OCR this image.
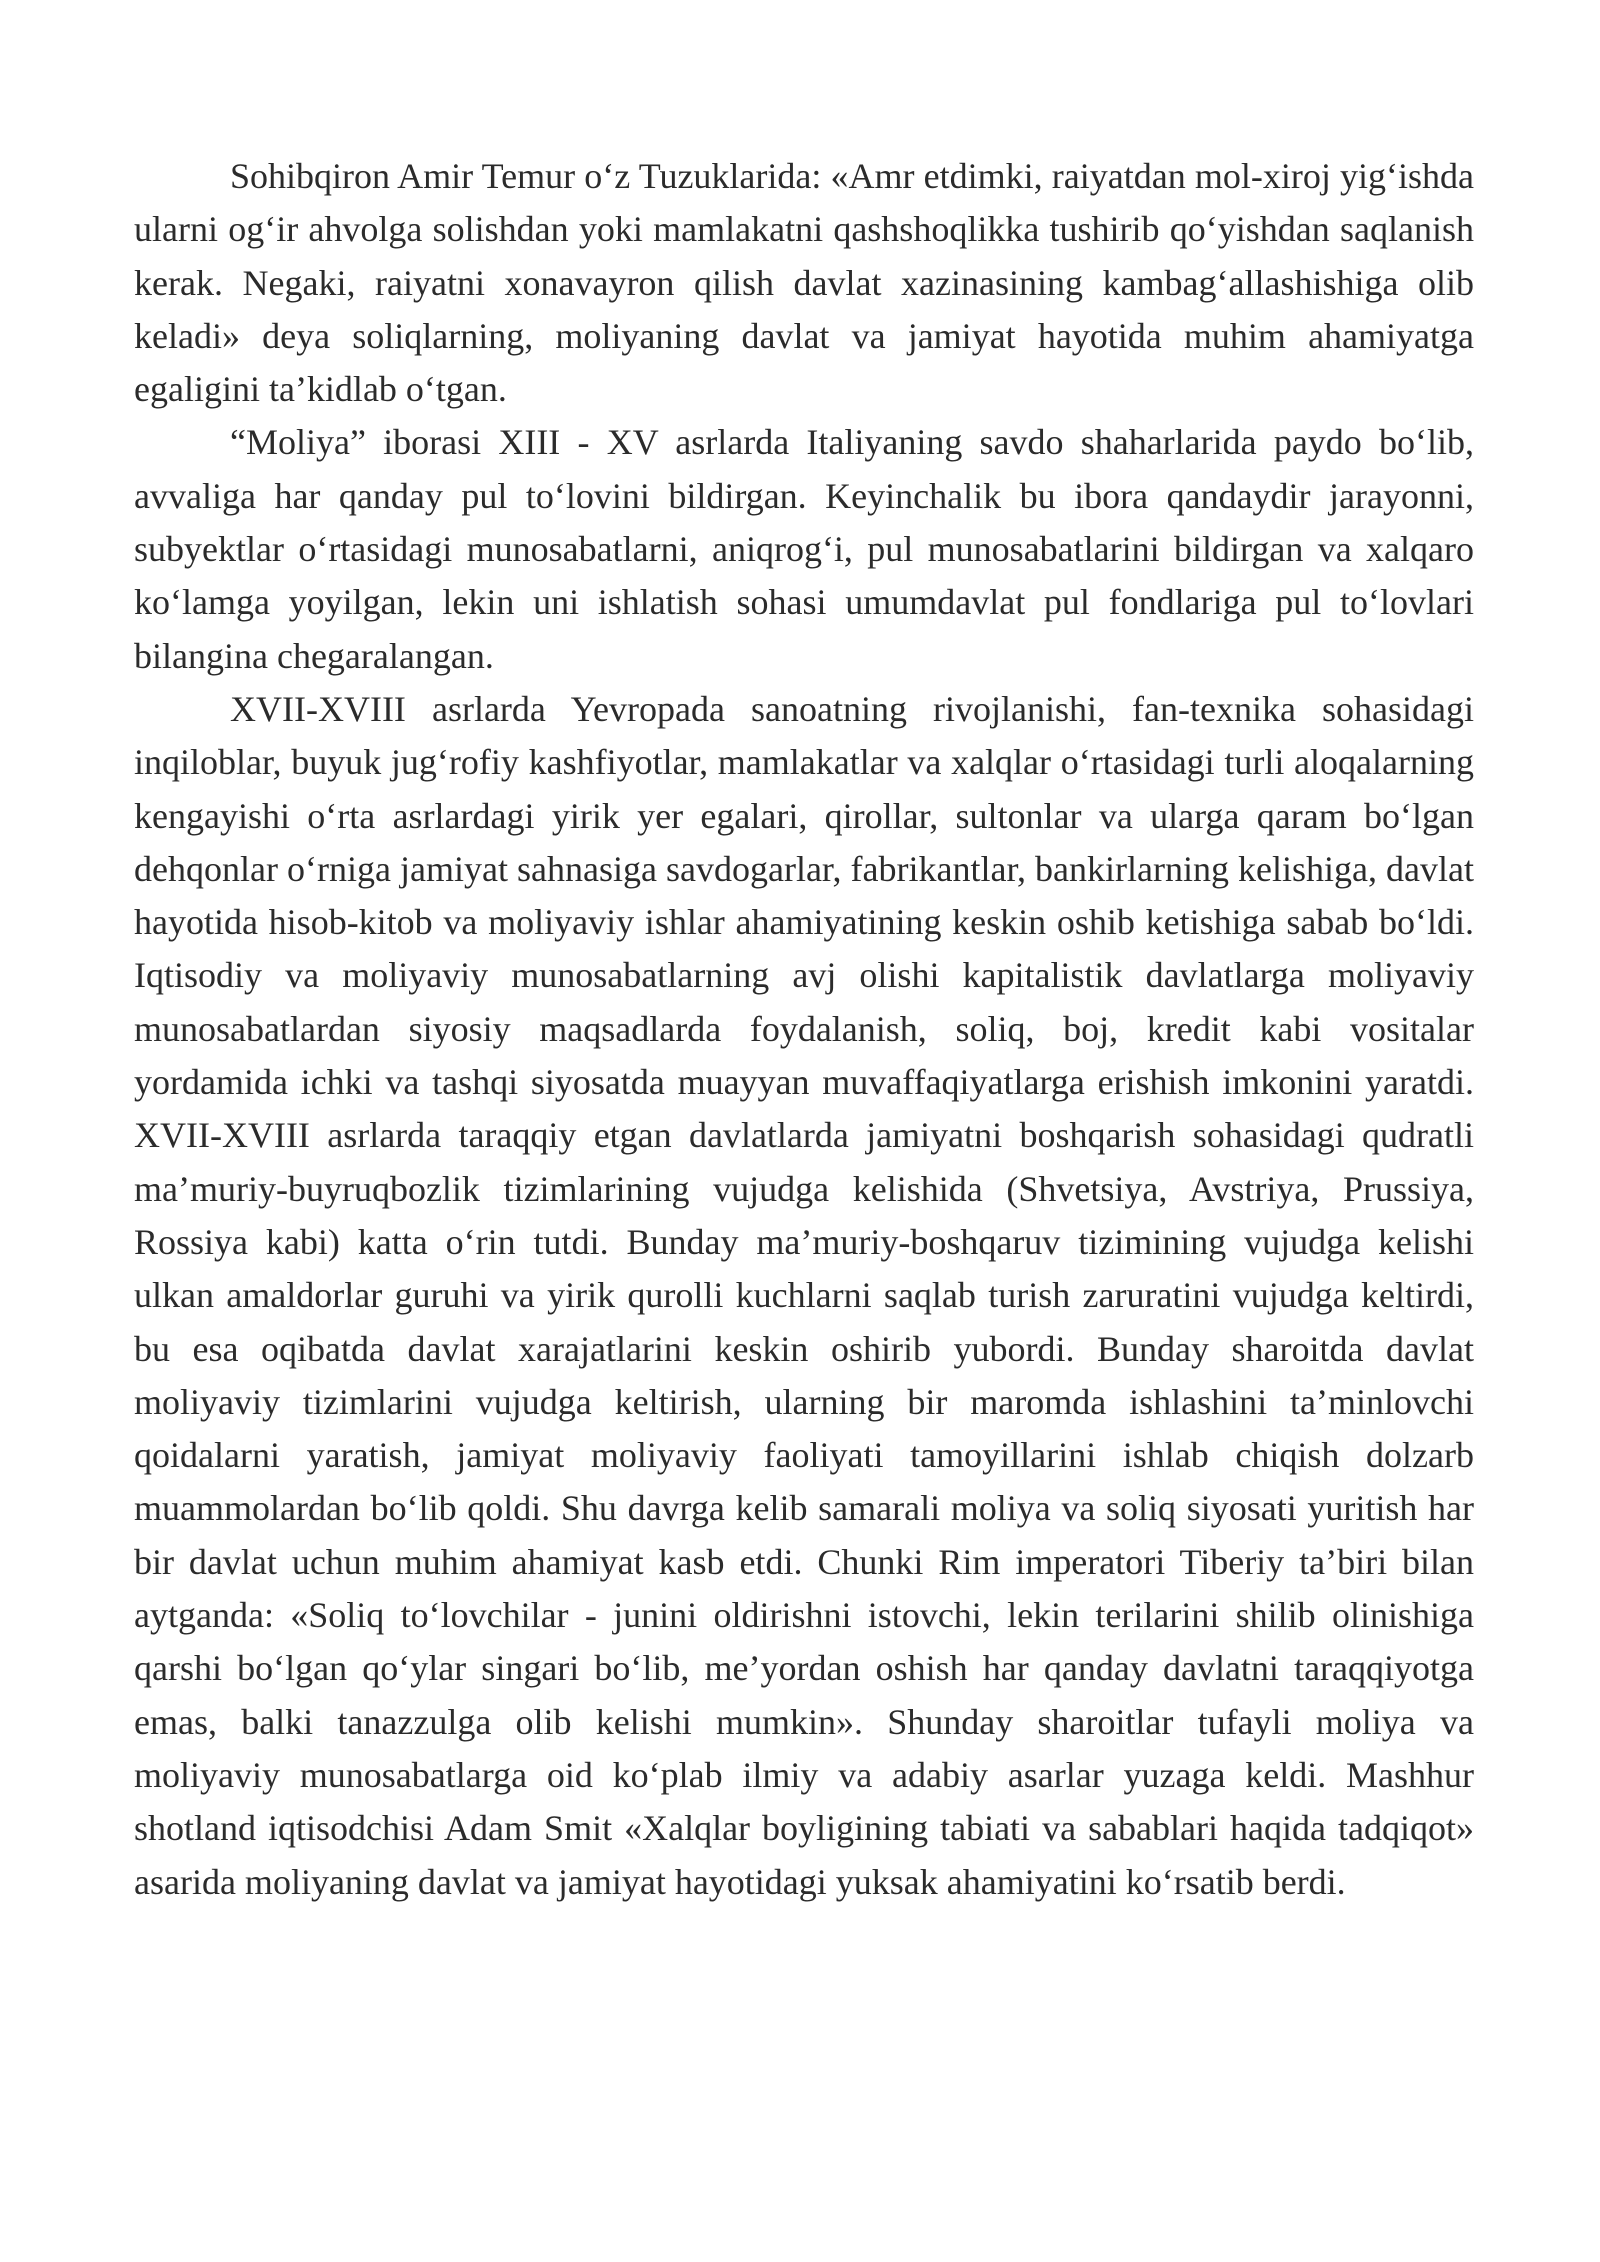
Sohibqiron Amir Temur o‘z Tuzuklarida: «Amr etdimki, raiyatdan mol-xiroj yig‘ishda ularni og‘ir ahvolga solishdan yoki mamlakatni qashshoqlikka tushirib qo‘yishdan saqlanish kerak. Negaki, raiyatni xonavayron qilish davlat xazinasining kambag‘allashishiga olib keladi» deya soliqlarning, moliyaning davlat va jamiyat hayotida muhim ahamiyatga egaligini ta’kidlab o‘tgan.

“Moliya” iborasi XIII - XV asrlarda Italiyaning savdo shaharlarida paydo bo‘lib, avvaliga har qanday pul to‘lovini bildirgan. Keyinchalik bu ibora qandaydir jarayonni, subyektlar o‘rtasidagi munosabatlarni, aniqrog‘i, pul munosabatlarini bildirgan va xalqaro ko‘lamga yoyilgan, lekin uni ishlatish sohasi umumdavlat pul fondlariga pul to‘lovlari bilangina chegaralangan.

XVII-XVIII asrlarda Yevropada sanoatning rivojlanishi, fan-texnika sohasidagi inqiloblar, buyuk jug‘rofiy kashfiyotlar, mamlakatlar va xalqlar o‘rtasidagi turli aloqalarning kengayishi o‘rta asrlardagi yirik yer egalari, qirollar, sultonlar va ularga qaram bo‘lgan dehqonlar o‘rniga jamiyat sahnasiga savdogarlar, fabrikantlar, bankirlarning kelishiga, davlat hayotida hisob-kitob va moliyaviy ishlar ahamiyatining keskin oshib ketishiga sabab bo‘ldi. Iqtisodiy va moliyaviy munosabatlarning avj olishi kapitalistik davlatlarga moliyaviy munosabatlardan siyosiy maqsadlarda foydalanish, soliq, boj, kredit kabi vositalar yordamida ichki va tashqi siyosatda muayyan muvaffaqiyatlarga erishish imkonini yaratdi. XVII-XVIII asrlarda taraqqiy etgan davlatlarda jamiyatni boshqarish sohasidagi qudratli ma’muriy-buyruqbozlik tizimlarining vujudga kelishida (Shvetsiya, Avstriya, Prussiya, Rossiya kabi) katta o‘rin tutdi. Bunday ma’muriy-boshqaruv tizimining vujudga kelishi ulkan amaldorlar guruhi va yirik qurolli kuchlarni saqlab turish zaruratini vujudga keltirdi, bu esa oqibatda davlat xarajatlarini keskin oshirib yubordi. Bunday sharoitda davlat moliyaviy tizimlarini vujudga keltirish, ularning bir maromda ishlashini ta’minlovchi qoidalarni yaratish, jamiyat moliyaviy faoliyati tamoyillarini ishlab chiqish dolzarb muammolardan bo‘lib qoldi. Shu davrga kelib samarali moliya va soliq siyosati yuritish har bir davlat uchun muhim ahamiyat kasb etdi. Chunki Rim imperatori Tiberiy ta’biri bilan aytganda: «Soliq to‘lovchilar - junini oldirishni istovchi, lekin terilarini shilib olinishiga qarshi bo‘lgan qo‘ylar singari bo‘lib, me’yordan oshish har qanday davlatni taraqqiyotga emas, balki tanazzulga olib kelishi mumkin». Shunday sharoitlar tufayli moliya va moliyaviy munosabatlarga oid ko‘plab ilmiy va adabiy asarlar yuzaga keldi. Mashhur shotland iqtisodchisi Adam Smit «Xalqlar boyligining tabiati va sabablari haqida tadqiqot» asarida moliyaning davlat va jamiyat hayotidagi yuksak ahamiyatini ko‘rsatib berdi.
